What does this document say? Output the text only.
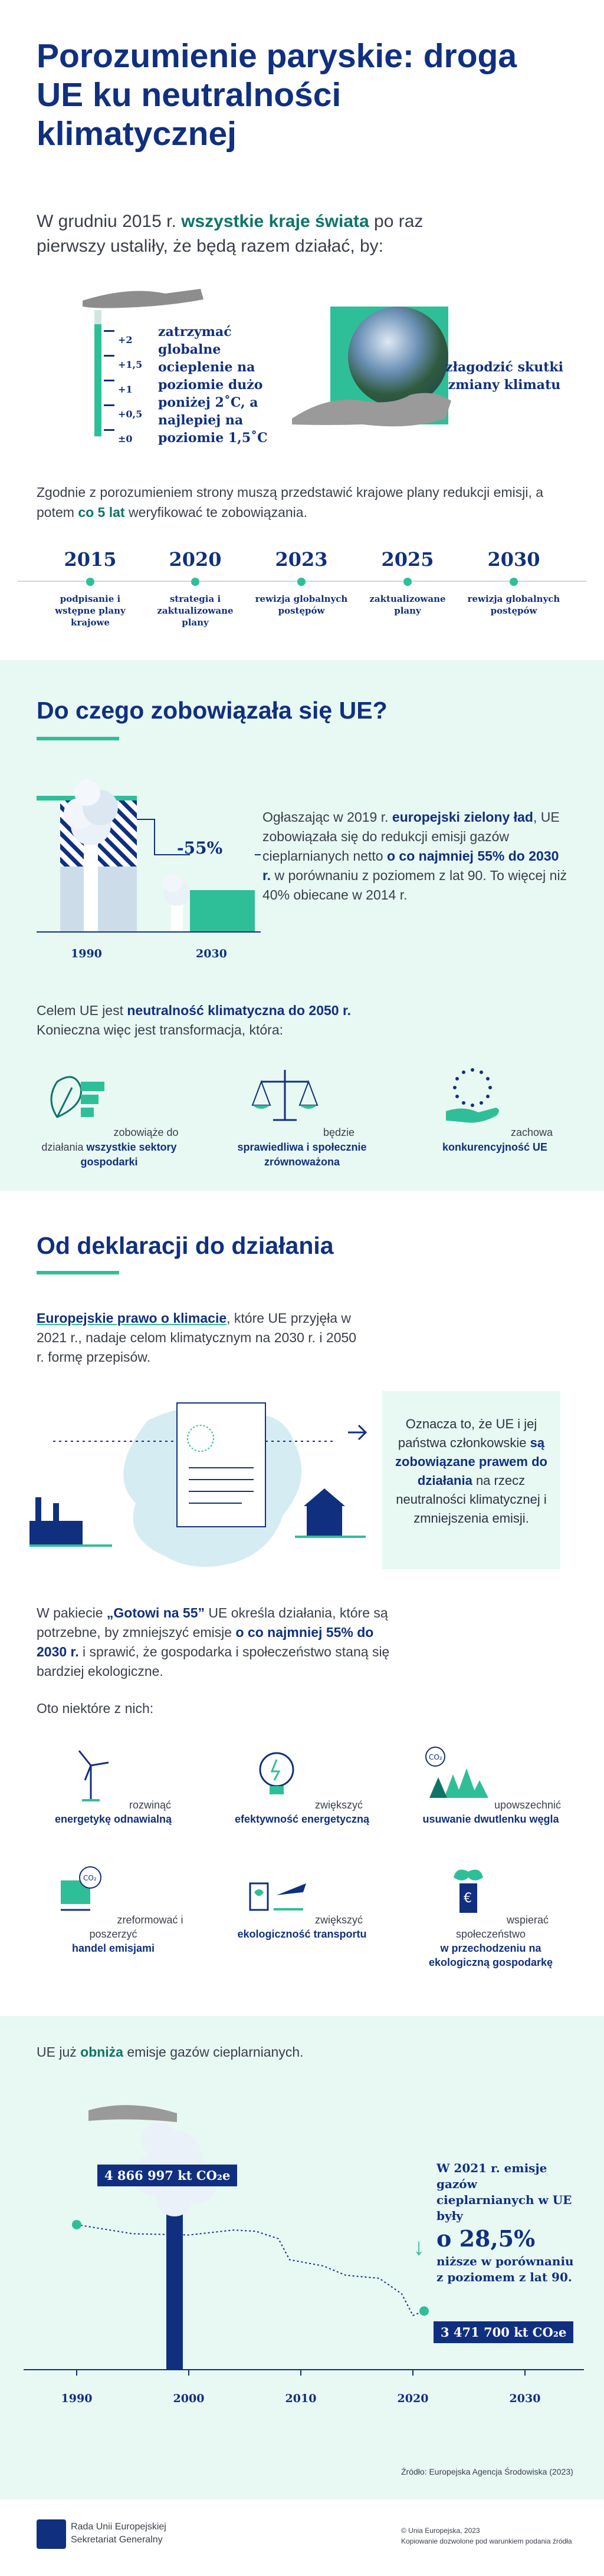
Porozumienie paryskie: droga UE ku neutralności klimatycznej

W grudniu 2015 r. wszystkie kraje świata po raz pierwszy ustaliły, że będą razem działać, by:

+2
+1,5
+1
+0,5
±0

zatrzymać globalne ocieplenie na poziomie dużo poniżej 2˚C, a najlepiej na poziomie 1,5˚C

złagodzić skutki zmiany klimatu

Zgodnie z porozumieniem strony muszą przedstawić krajowe plany redukcji emisji, a potem co 5 lat weryfikować te zobowiązania.

2015
podpisanie i wstępne plany krajowe
2020
strategia i zaktualizowane plany
2023
rewizja globalnych postępów
2025
zaktualizowane plany
2030
rewizja globalnych postępów
Do czego zobowiązała się UE?
-55%
1990	2030

Ogłaszając w 2019 r. europejski zielony ład, UE zobowiązała się do redukcji emisji gazów cieplarnianych netto o co najmniej 55% do 2030 r. w porównaniu z poziomem z lat 90. To więcej niż 40% obiecane w 2014 r.

Celem UE jest neutralność klimatyczna do 2050 r.
Konieczna więc jest transformacja, która:

zobowiąże do działania wszystkie sektory gospodarki
będzie sprawiedliwa i społecznie zrównoważona
zachowa konkurencyjność UE
Od deklaracji do działania

Europejskie prawo o klimacie, które UE przyjęła w 2021 r., nadaje celom klimatycznym na 2030 r. i 2050 r. formę przepisów.

Oznacza to, że UE i jej państwa członkowskie są zobowiązane prawem do działania na rzecz neutralności klimatycznej i zmniejszenia emisji.

W pakiecie „Gotowi na 55” UE określa działania, które są potrzebne, by zmniejszyć emisje o co najmniej 55% do 2030 r. i sprawić, że gospodarka i społeczeństwo staną się bardziej ekologiczne.

Oto niektóre z nich:

rozwinąć
energetykę odnawialną
zwiększyć
efektywność energetyczną
CO₂
upowszechnić
usuwanie dwutlenku węgla
CO₂
zreformować i poszerzyć
handel emisjami
zwiększyć ekologiczność transportu
€
wspierać społeczeństwo
w przechodzeniu na ekologiczną gospodarkę

UE już obniża emisje gazów cieplarnianych.

4 866 997 kt CO₂e
3 471 700 kt CO₂e
W 2021 r. emisje gazów cieplarnianych w UE były
o 28,5%
niższe w porównaniu z poziomem z lat 90.
↓
1990	2000	2010	2020	2030

Źródło: Europejska Agencja Środowiska (2023)

Rada Unii Europejskiej
Sekretariat Generalny
© Unia Europejska, 2023
Kopiowanie dozwolone pod warunkiem podania źródła
